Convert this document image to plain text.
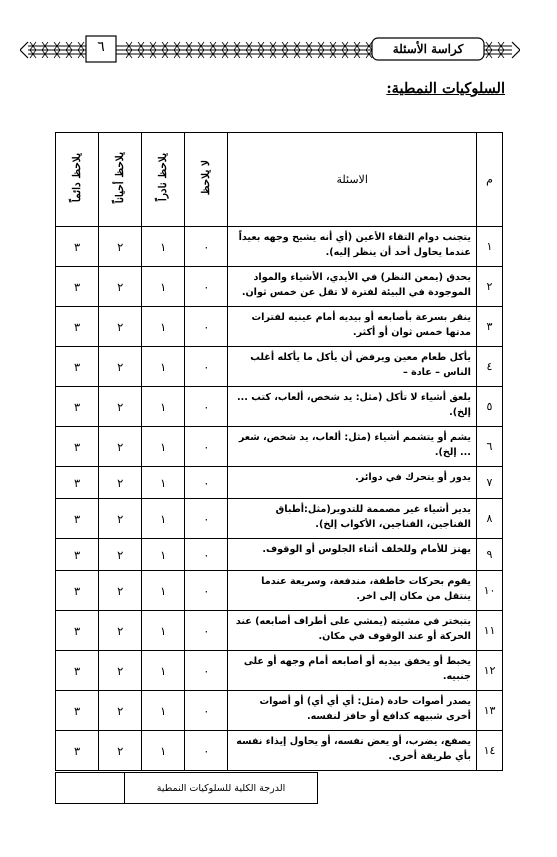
كراسة الأسئلة
٦
السلوكيات النمطية:
م	الاسئلة	لا يلاحظ	يلاحظ نادراً	يلاحظ أحياناً	يلاحظ دائماً
١	يتجنب دوام التقاء الأعين (أي أنه يشيح وجهه بعيداً عندما يحاول أحد أن ينظر إليه).	٠	١	٢	٣
٢	يحدق (يمعن النظر) في الأيدي، الأشياء والمواد الموجودة في البيئة لفترة لا تقل عن خمس ثوان.	٠	١	٢	٣
٣	ينقر بسرعة بأصابعه أو بيديه أمام عينيه لفترات مدتها خمس ثوان أو أكثر.	٠	١	٢	٣
٤	يأكل طعام معين ويرفض أن يأكل ما يأكله أغلب الناس – عادة –	٠	١	٢	٣
٥	يلعق أشياء لا تأكل (مثل: يد شخص، ألعاب، كتب ... إلخ).	٠	١	٢	٣
٦	يشم أو يتشمم أشياء (مثل: ألعاب، يد شخص، شعر ... إلخ).	٠	١	٢	٣
٧	يدور أو يتحرك في دوائر.	٠	١	٢	٣
٨	يدير أشياء غير مصممة للتدوير(مثل:أطباق الفناجين، الفناجين، الأكواب إلخ).	٠	١	٢	٣
٩	يهتز للأمام وللخلف أثناء الجلوس أو الوقوف.	٠	١	٢	٣
١٠	يقوم بحركات خاطفة، مندفعة، وسريعة عندما ينتقل من مكان إلى اخر.	٠	١	٢	٣
١١	يتبختر في مشيته (يمشي على أطراف أصابعه) عند الحركة أو عند الوقوف في مكان.	٠	١	٢	٣
١٢	يخبط أو يخفق بيديه أو أصابعه أمام وجهه أو على جنبيه.	٠	١	٢	٣
١٣	يصدر أصوات حادة (مثل: أي أي أي) أو أصوات أخرى شبيهه كدافع أو حافز لنفسه.	٠	١	٢	٣
١٤	يصفع، يضرب، أو يعض نفسه، أو يحاول إيذاء نفسه بأي طريقة أخرى.	٠	١	٢	٣
الدرجة الكلية للسلوكيات النمطية	
